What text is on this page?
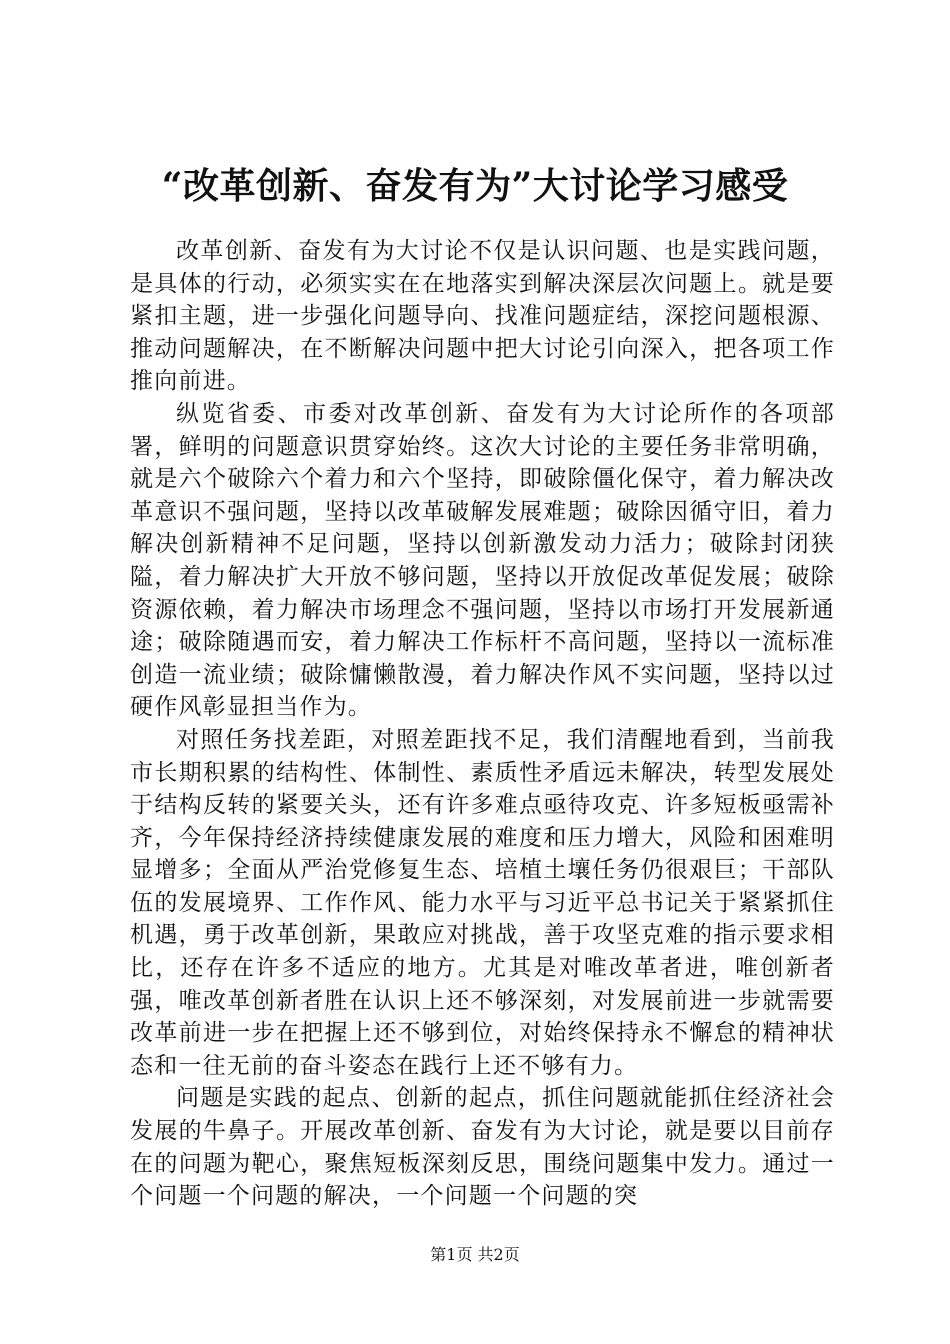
“改革创新、奋发有为”大讨论学习感受

改革创新、奋发有为大讨论不仅是认识问题、也是实践问题，是具体的行动，必须实实在在地落实到解决深层次问题上。就是要紧扣主题，进一步强化问题导向、找准问题症结，深挖问题根源、推动问题解决，在不断解决问题中把大讨论引向深入，把各项工作推向前进。

纵览省委、市委对改革创新、奋发有为大讨论所作的各项部署，鲜明的问题意识贯穿始终。这次大讨论的主要任务非常明确，就是六个破除六个着力和六个坚持，即破除僵化保守，着力解决改革意识不强问题，坚持以改革破解发展难题；破除因循守旧，着力解决创新精神不足问题，坚持以创新激发动力活力；破除封闭狭隘，着力解决扩大开放不够问题，坚持以开放促改革促发展；破除资源依赖，着力解决市场理念不强问题，坚持以市场打开发展新通途；破除随遇而安，着力解决工作标杆不高问题，坚持以一流标准创造一流业绩；破除慵懒散漫，着力解决作风不实问题，坚持以过硬作风彰显担当作为。

对照任务找差距，对照差距找不足，我们清醒地看到，当前我市长期积累的结构性、体制性、素质性矛盾远未解决，转型发展处于结构反转的紧要关头，还有许多难点亟待攻克、许多短板亟需补齐，今年保持经济持续健康发展的难度和压力增大，风险和困难明显增多；全面从严治党修复生态、培植土壤任务仍很艰巨；干部队伍的发展境界、工作作风、能力水平与习近平总书记关于紧紧抓住机遇，勇于改革创新，果敢应对挑战，善于攻坚克难的指示要求相比，还存在许多不适应的地方。尤其是对唯改革者进，唯创新者强，唯改革创新者胜在认识上还不够深刻，对发展前进一步就需要改革前进一步在把握上还不够到位，对始终保持永不懈怠的精神状态和一往无前的奋斗姿态在践行上还不够有力。

问题是实践的起点、创新的起点，抓住问题就能抓住经济社会发展的牛鼻子。开展改革创新、奋发有为大讨论，就是要以目前存在的问题为靶心，聚焦短板深刻反思，围绕问题集中发力。通过一个问题一个问题的解决，一个问题一个问题的突

第1页 共2页
